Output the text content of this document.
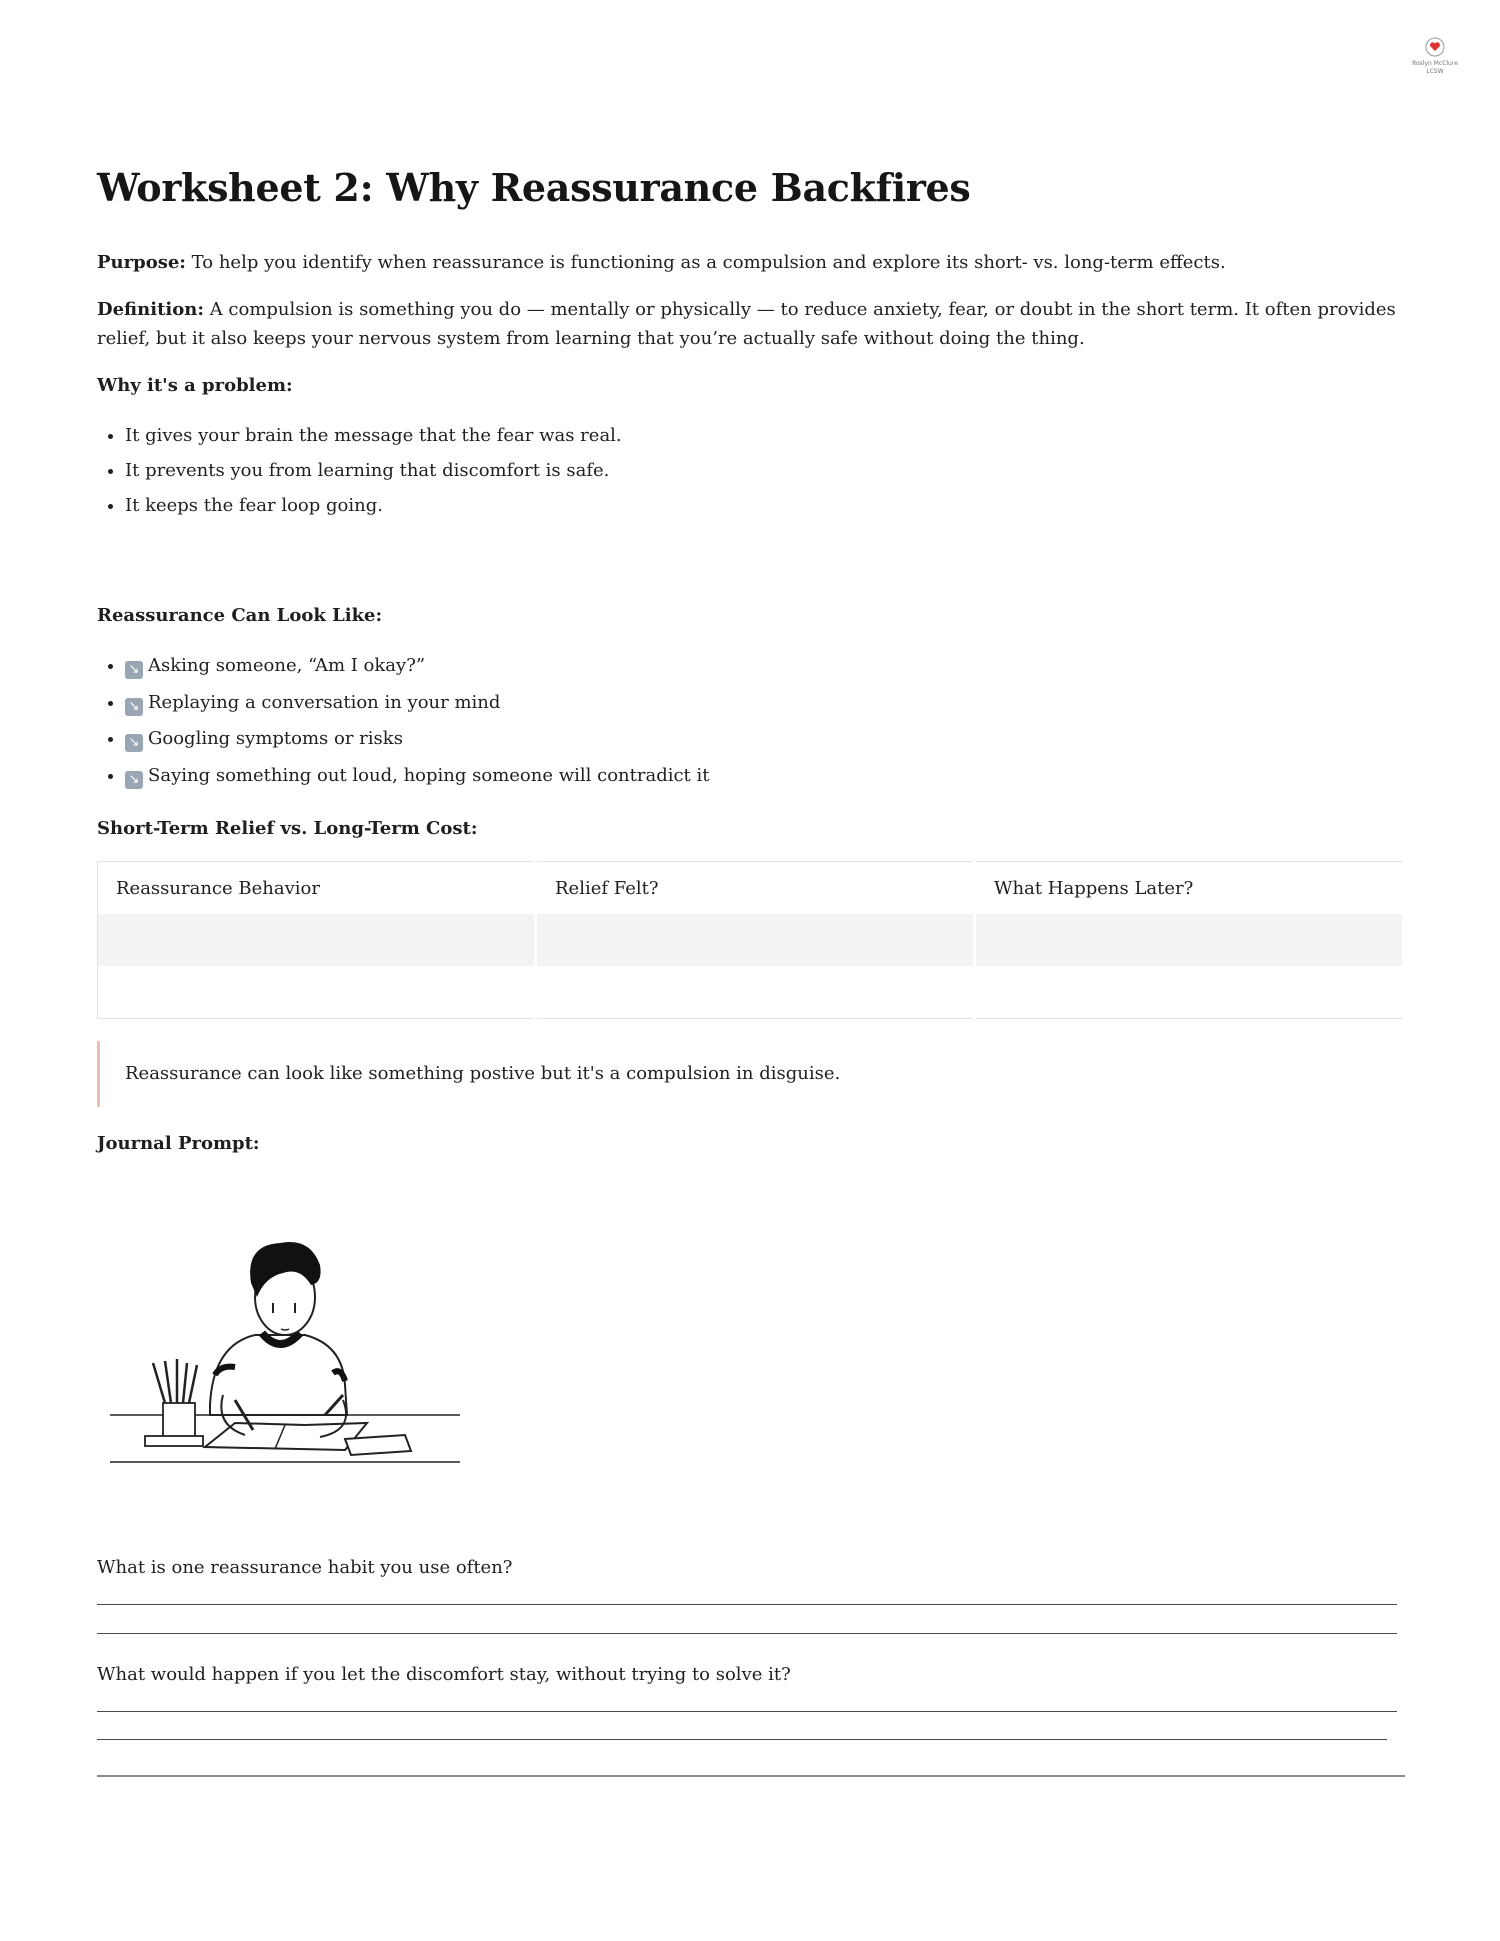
Roslyn McClure LCSW
Worksheet 2: Why Reassurance Backfires

Purpose: To help you identify when reassurance is functioning as a compulsion and explore its short- vs. long-term effects.

Definition: A compulsion is something you do — mentally or physically — to reduce anxiety, fear, or doubt in the short term. It often provides relief, but it also keeps your nervous system from learning that you’re actually safe without doing the thing.

Why it's a problem:
• It gives your brain the message that the fear was real.
• It prevents you from learning that discomfort is safe.
• It keeps the fear loop going.
Reassurance Can Look Like:
• ↘ Asking someone, “Am I okay?”
• ↘ Replaying a conversation in your mind
• ↘ Googling symptoms or risks
• ↘ Saying something out loud, hoping someone will contradict it
Short-Term Relief vs. Long-Term Cost:
Reassurance Behavior	Relief Felt?	What Happens Later?

Reassurance can look like something postive but it's a compulsion in disguise.
Journal Prompt:
What is one reassurance habit you use often?
What would happen if you let the discomfort stay, without trying to solve it?
